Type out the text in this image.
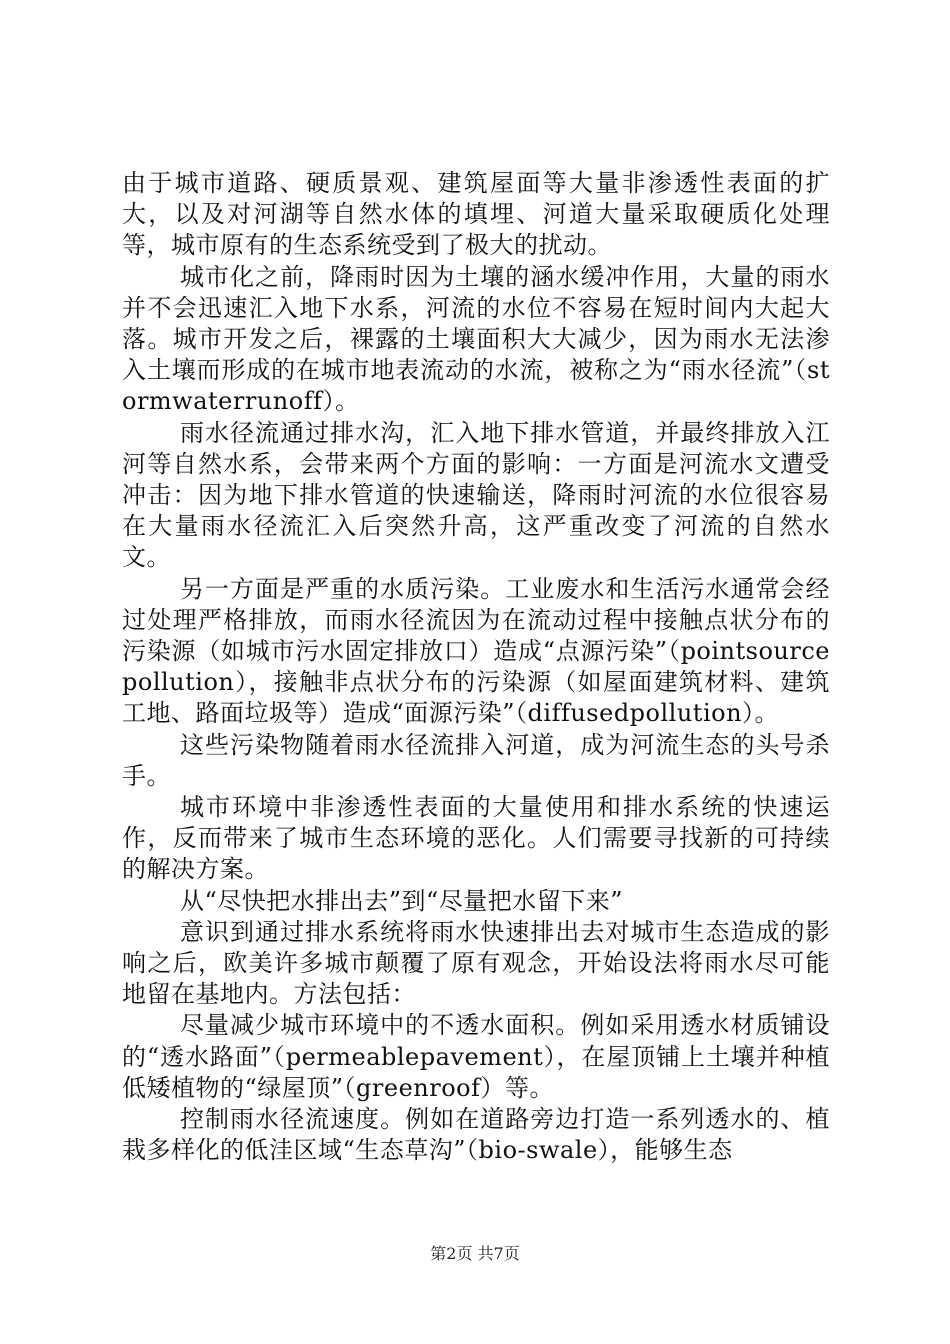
由于城市道路、硬质景观、建筑屋面等大量非渗透性表面的扩大，以及对河湖等自然水体的填埋、河道大量采取硬质化处理等，城市原有的生态系统受到了极大的扰动。

城市化之前，降雨时因为土壤的涵水缓冲作用，大量的雨水并不会迅速汇入地下水系，河流的水位不容易在短时间内大起大落。城市开发之后，裸露的土壤面积大大减少，因为雨水无法渗入土壤而形成的在城市地表流动的水流，被称之为“雨水径流”（stormwaterrunoff）。

雨水径流通过排水沟，汇入地下排水管道，并最终排放入江河等自然水系，会带来两个方面的影响：一方面是河流水文遭受冲击：因为地下排水管道的快速输送，降雨时河流的水位很容易在大量雨水径流汇入后突然升高，这严重改变了河流的自然水文。

另一方面是严重的水质污染。工业废水和生活污水通常会经过处理严格排放，而雨水径流因为在流动过程中接触点状分布的污染源（如城市污水固定排放口）造成“点源污染”（pointsourcepollution），接触非点状分布的污染源（如屋面建筑材料、建筑工地、路面垃圾等）造成“面源污染”（diffusedpollution）。

这些污染物随着雨水径流排入河道，成为河流生态的头号杀手。

城市环境中非渗透性表面的大量使用和排水系统的快速运作，反而带来了城市生态环境的恶化。人们需要寻找新的可持续的解决方案。

从“尽快把水排出去”到“尽量把水留下来”

意识到通过排水系统将雨水快速排出去对城市生态造成的影响之后，欧美许多城市颠覆了原有观念，开始设法将雨水尽可能地留在基地内。方法包括：

尽量减少城市环境中的不透水面积。例如采用透水材质铺设的“透水路面”（permeablepavement），在屋顶铺上土壤并种植低矮植物的“绿屋顶”（greenroof）等。

控制雨水径流速度。例如在道路旁边打造一系列透水的、植栽多样化的低洼区域“生态草沟”（bio-swale），能够生态

第2页 共7页
